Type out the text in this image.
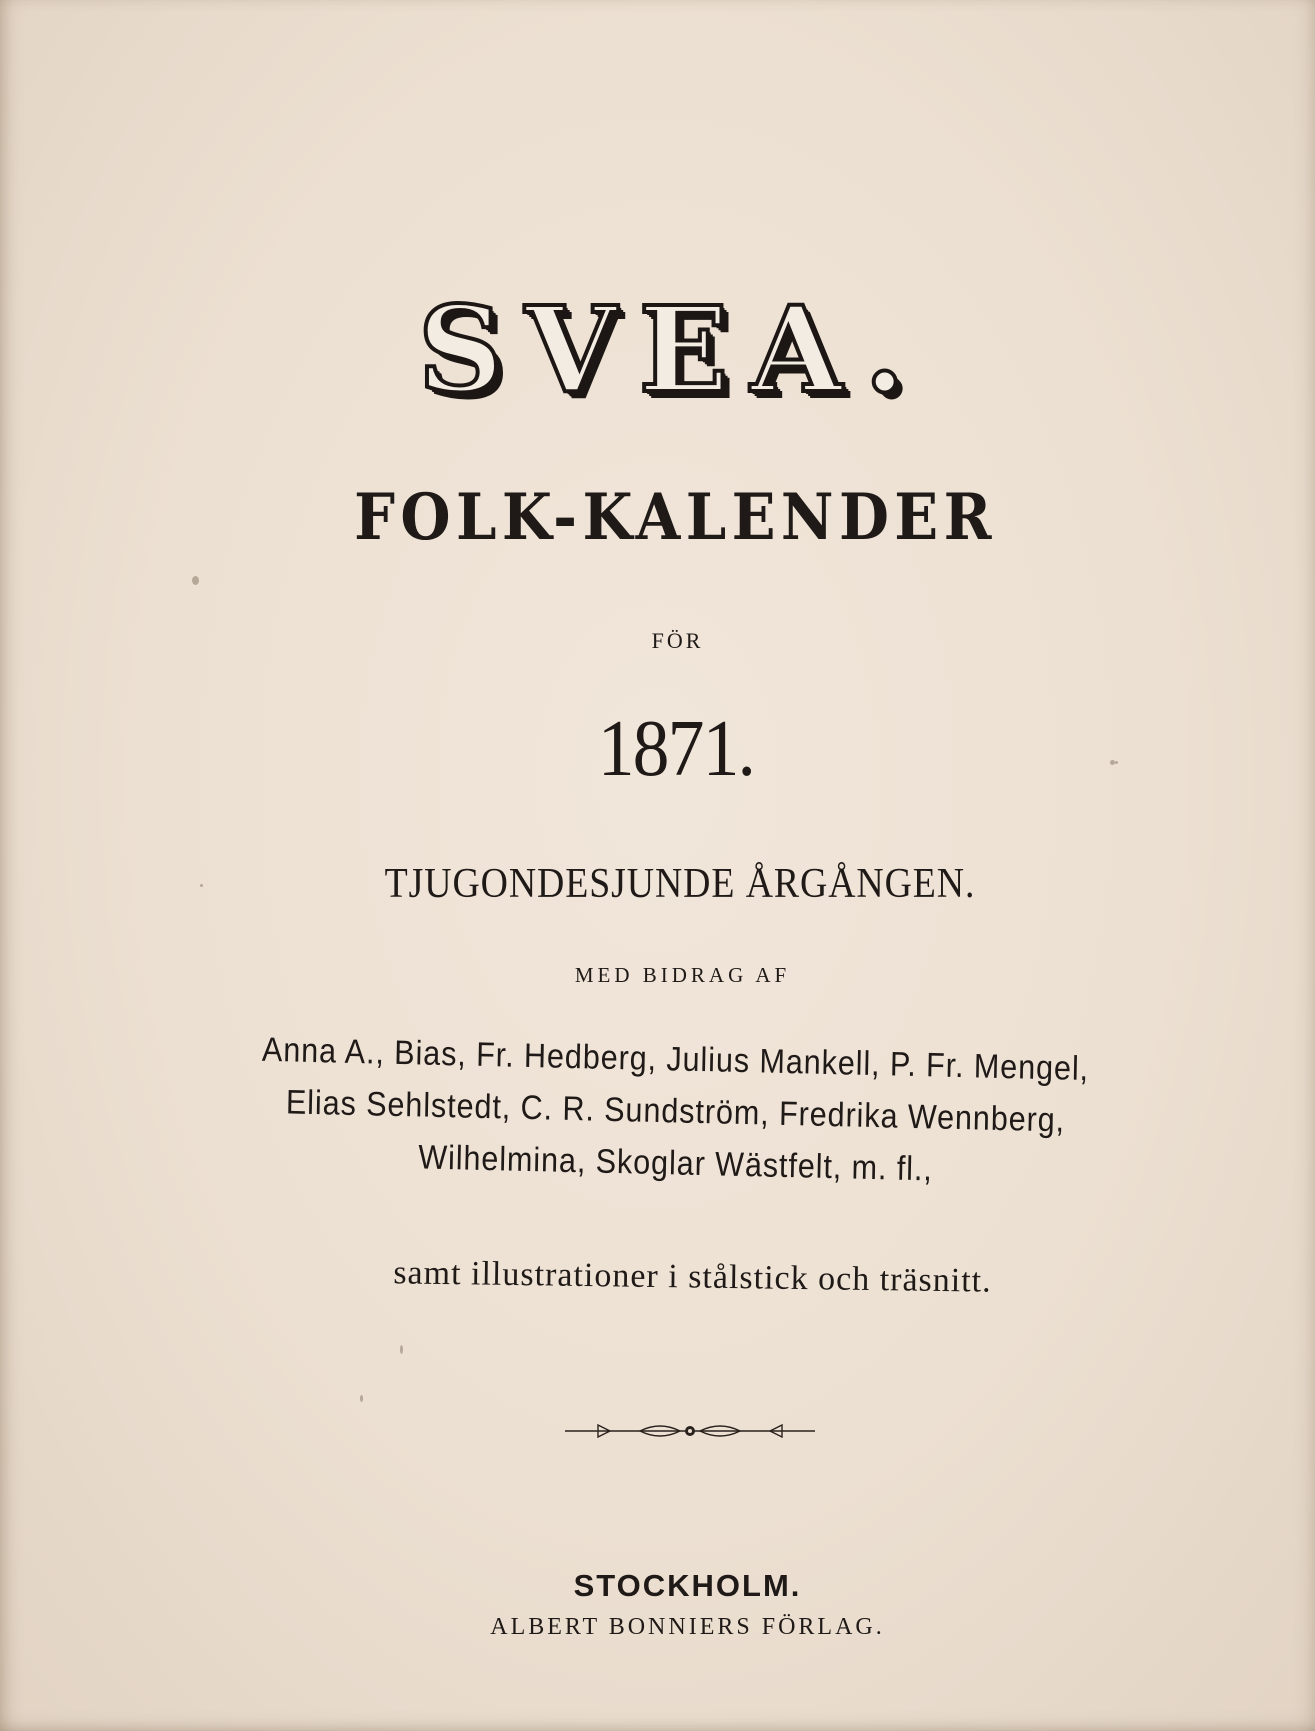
SVEA.
FOLK-KALENDER
FÖR
1871.
TJUGONDESJUNDE ÅRGÅNGEN.
MED BIDRAG AF
Anna A., Bias, Fr. Hedberg, Julius Mankell, P. Fr. Mengel,
Elias Sehlstedt, C. R. Sundström, Fredrika Wennberg,
Wilhelmina, Skoglar Wästfelt, m. fl.,
samt illustrationer i stålstick och träsnitt.
STOCKHOLM.
ALBERT BONNIERS FÖRLAG.
